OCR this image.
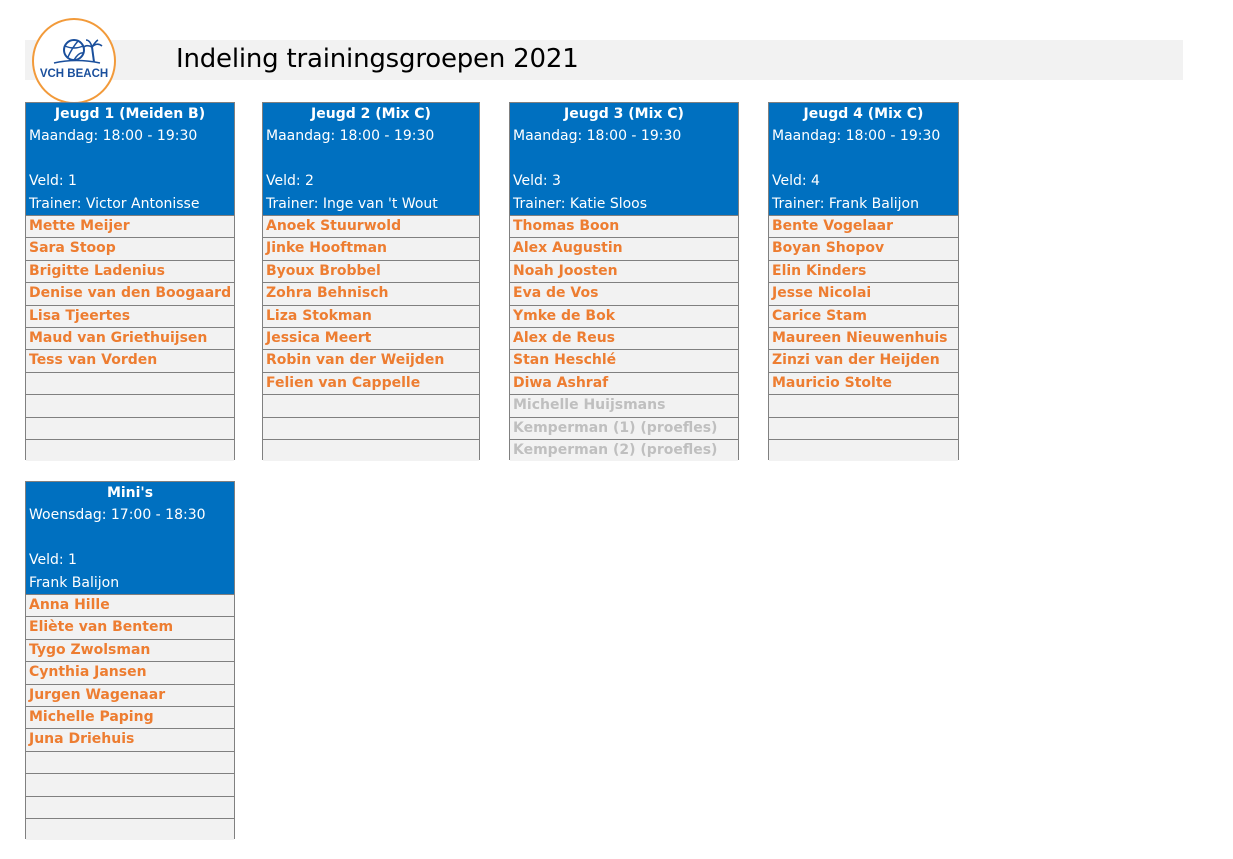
Indeling trainingsgroepen 2021
VCH BEACH
Jeugd 1 (Meiden B)
Maandag: 18:00 - 19:30
Veld: 1
Trainer: Victor Antonisse
Mette Meijer
Sara Stoop
Brigitte Ladenius
Denise van den Boogaard
Lisa Tjeertes
Maud van Griethuijsen
Tess van Vorden
Jeugd 2 (Mix C)
Maandag: 18:00 - 19:30
Veld: 2
Trainer: Inge van 't Wout
Anoek Stuurwold
Jinke Hooftman
Byoux Brobbel
Zohra Behnisch
Liza Stokman
Jessica Meert
Robin van der Weijden
Felien van Cappelle
Jeugd 3 (Mix C)
Maandag: 18:00 - 19:30
Veld: 3
Trainer: Katie Sloos
Thomas Boon
Alex Augustin
Noah Joosten
Eva de Vos
Ymke de Bok
Alex de Reus
Stan Heschlé
Diwa Ashraf
Michelle Huijsmans
Kemperman (1) (proefles)
Kemperman (2) (proefles)
Jeugd 4 (Mix C)
Maandag: 18:00 - 19:30
Veld: 4
Trainer: Frank Balijon
Bente Vogelaar
Boyan Shopov
Elin Kinders
Jesse Nicolai
Carice Stam
Maureen Nieuwenhuis
Zinzi van der Heijden
Mauricio Stolte
Mini's
Woensdag: 17:00 - 18:30
Veld: 1
Frank Balijon
Anna Hille
Eliète van Bentem
Tygo Zwolsman
Cynthia Jansen
Jurgen Wagenaar
Michelle Paping
Juna Driehuis
